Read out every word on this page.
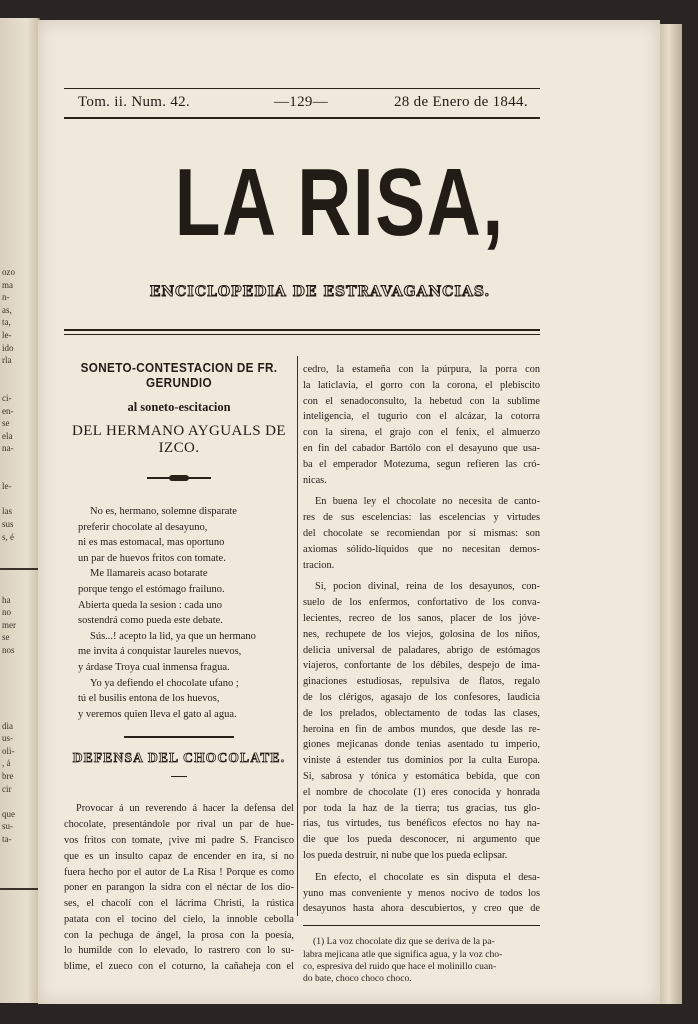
ozo
ma
n-
as,
ta,
le-
ido
rla
ci-
en-
se
ela
na-
le-
las
sus
s, é
ha
no
mer
se
nos
dia
us-
oli-
, á
bre
cir
que
su-
ta-
Tom. ii. Num. 42.	—129—	28 de Enero de 1844.
LA RISA,
ENCICLOPEDIA DE ESTRAVAGANCIAS.
SONETO-CONTESTACION DE FR. GERUNDIO
al soneto-escitacion
DEL HERMANO AYGUALS DE IZCO.
No es, hermano, solemne disparate
preferir chocolate al desayuno,
ni es mas estomacal, mas oportuno
un par de huevos fritos con tomate.
Me llamareis acaso botarate
porque tengo el estómago frailuno.
Abierta queda la sesion : cada uno
sostendrá como pueda este debate.
Sús...! acepto la lid, ya que un hermano
me invita á conquistar laureles nuevos,
y árdase Troya cual inmensa fragua.
Yo ya defiendo el chocolate ufano ;
tú el busilis entona de los huevos,
y veremos quien lleva el gato al agua.
DEFENSA DEL CHOCOLATE.
Provocar á un reverendo á hacer la defensa del
chocolate, presentándole por rival un par de hue-
vos fritos con tomate, ¡vive mi padre S. Francisco
que es un insulto capaz de encender en ira, si no
fuera hecho por el autor de La Risa ! Porque es como
poner en parangon la sidra con el néctar de los dio-
ses, el chacolí con el lácrima Christi, la rústica
patata con el tocino del cielo, la innoble cebolla
con la pechuga de ángel, la prosa con la poesía,
lo humilde con lo elevado, lo rastrero con lo su-
blime, el zueco con el coturno, la cañaheja con el
cedro, la estameña con la púrpura, la porra con
la laticlavia, el gorro con la corona, el plebiscito
con el senadoconsulto, la hebetud con la sublime
inteligencia, el tugurio con el alcázar, la cotorra
con la sirena, el grajo con el fenix, el almuerzo
en fin del cabador Bartólo con el desayuno que usa-
ba el emperador Motezuma, segun refieren las cró-
nicas.
En buena ley el chocolate no necesita de canto-
res de sus escelencias: las escelencias y virtudes
del chocolate se recomiendan por sí mismas: son
axiomas sólido-líquidos que no necesitan demos-
tracion.
Si, pocion divinal, reina de los desayunos, con-
suelo de los enfermos, confortativo de los conva-
lecientes, recreo de los sanos, placer de los jóve-
nes, rechupete de los viejos, golosina de los niños,
delicia universal de paladares, abrigo de estómagos
viajeros, confortante de los débiles, despejo de ima-
ginaciones estudiosas, repulsiva de flatos, regalo
de los clérigos, agasajo de los confesores, laudicia
de los prelados, oblectamento de todas las clases,
heroina en fin de ambos mundos, que desde las re-
giones mejicanas donde tenias asentado tu imperio,
viniste á estender tus dominios por la culta Europa.
Si, sabrosa y tónica y estomática bebida, que con
el nombre de chocolate (1) eres conocida y honrada
por toda la haz de la tierra; tus gracias, tus glo-
rias, tus virtudes, tus benéficos efectos no hay na-
die que los pueda desconocer, ni argumento que
los pueda destruir, ni nube que los pueda eclipsar.
En efecto, el chocolate es sin disputa el desa-
yuno mas conveniente y menos nocivo de todos los
desayunos hasta ahora descubiertos, y creo que de
(1) La voz chocolate diz que se deriva de la pa-
labra mejicana atle que significa agua, y la voz cho-
co, espresiva del ruido que hace el molinillo cuan-
do bate, choco choco choco.
